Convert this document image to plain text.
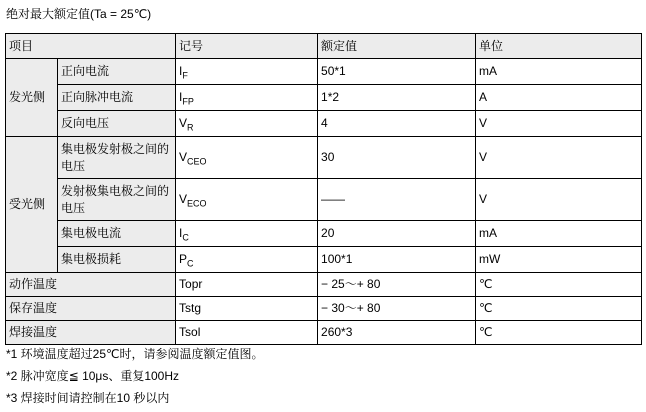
绝对最大额定值(Ta = 25℃)
项目		记号	额定值	单位
发光侧	正向电流	$I_F$	50*1	mA
	正向脉冲电流	$I_{FP}$	1*2	A
	反向电压	$V_R$	4	V
受光侧	集电极发射极之间的电压	$V_{CEO}$	30	V
	发射极集电极之间的电压	$V_{ECO}$	——	V
	集电极电流	$I_C$	20	mA
	集电极损耗	$P_C$	100*1	mW
动作温度		Topr	− 25～+ 80	℃
保存温度		Tstg	− 30～+ 80	℃
焊接温度		Tsol	260*3	℃
*1 环境温度超过25℃时，请参阅温度额定值图。
*2 脉冲宽度≦ 10μs、重复100Hz
*3 焊接时间请控制在10 秒以内
